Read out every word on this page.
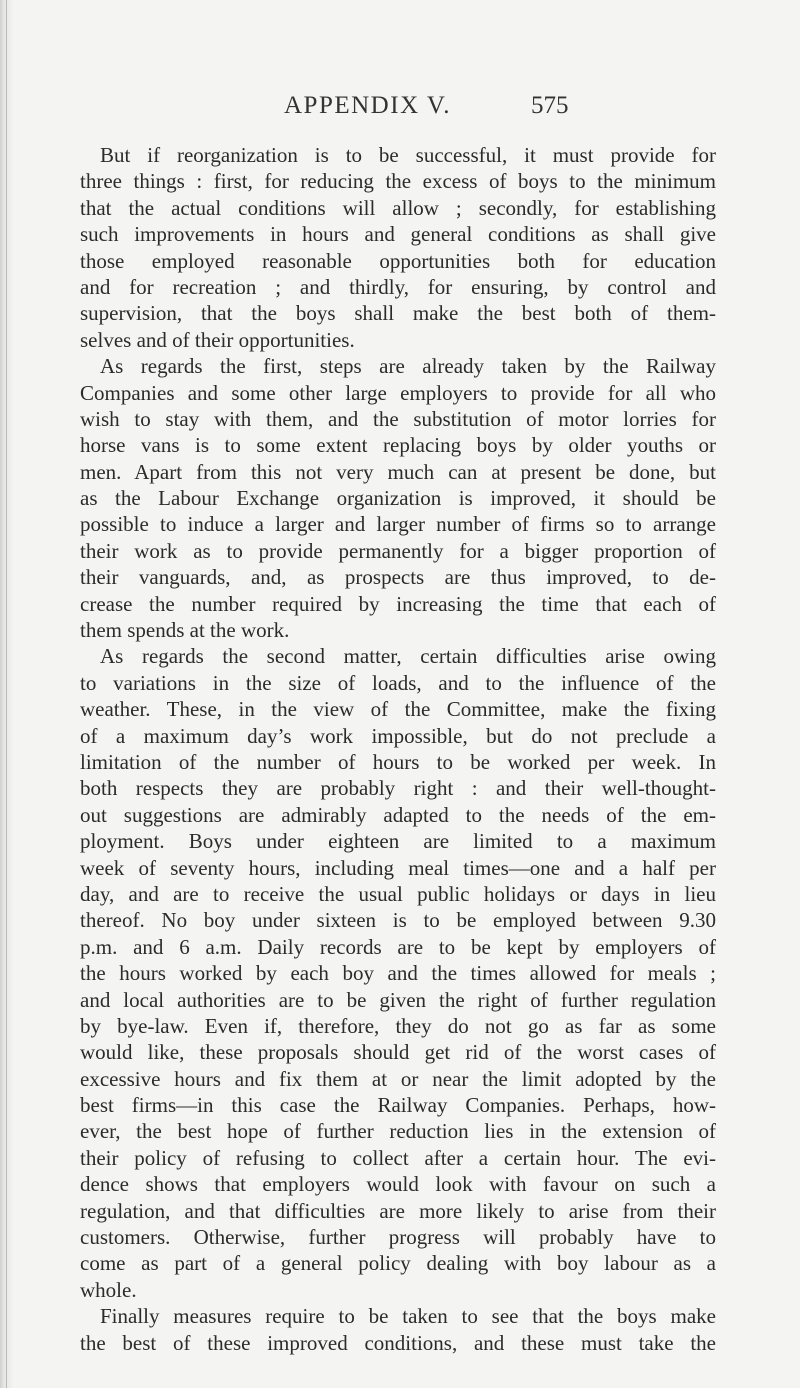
APPENDIX V.	575
But if reorganization is to be successful, it must provide for
three things : first, for reducing the excess of boys to the minimum
that the actual conditions will allow ; secondly, for establishing
such improvements in hours and general conditions as shall give
those employed reasonable opportunities both for education
and for recreation ; and thirdly, for ensuring, by control and
supervision, that the boys shall make the best both of them-
selves and of their opportunities.
As regards the first, steps are already taken by the Railway
Companies and some other large employers to provide for all who
wish to stay with them, and the substitution of motor lorries for
horse vans is to some extent replacing boys by older youths or
men. Apart from this not very much can at present be done, but
as the Labour Exchange organization is improved, it should be
possible to induce a larger and larger number of firms so to arrange
their work as to provide permanently for a bigger proportion of
their vanguards, and, as prospects are thus improved, to de-
crease the number required by increasing the time that each of
them spends at the work.
As regards the second matter, certain difficulties arise owing
to variations in the size of loads, and to the influence of the
weather. These, in the view of the Committee, make the fixing
of a maximum day’s work impossible, but do not preclude a
limitation of the number of hours to be worked per week. In
both respects they are probably right : and their well-thought-
out suggestions are admirably adapted to the needs of the em-
ployment. Boys under eighteen are limited to a maximum
week of seventy hours, including meal times—one and a half per
day, and are to receive the usual public holidays or days in lieu
thereof. No boy under sixteen is to be employed between 9.30
p.m. and 6 a.m. Daily records are to be kept by employers of
the hours worked by each boy and the times allowed for meals ;
and local authorities are to be given the right of further regulation
by bye-law. Even if, therefore, they do not go as far as some
would like, these proposals should get rid of the worst cases of
excessive hours and fix them at or near the limit adopted by the
best firms—in this case the Railway Companies. Perhaps, how-
ever, the best hope of further reduction lies in the extension of
their policy of refusing to collect after a certain hour. The evi-
dence shows that employers would look with favour on such a
regulation, and that difficulties are more likely to arise from their
customers. Otherwise, further progress will probably have to
come as part of a general policy dealing with boy labour as a
whole.
Finally measures require to be taken to see that the boys make
the best of these improved conditions, and these must take the
